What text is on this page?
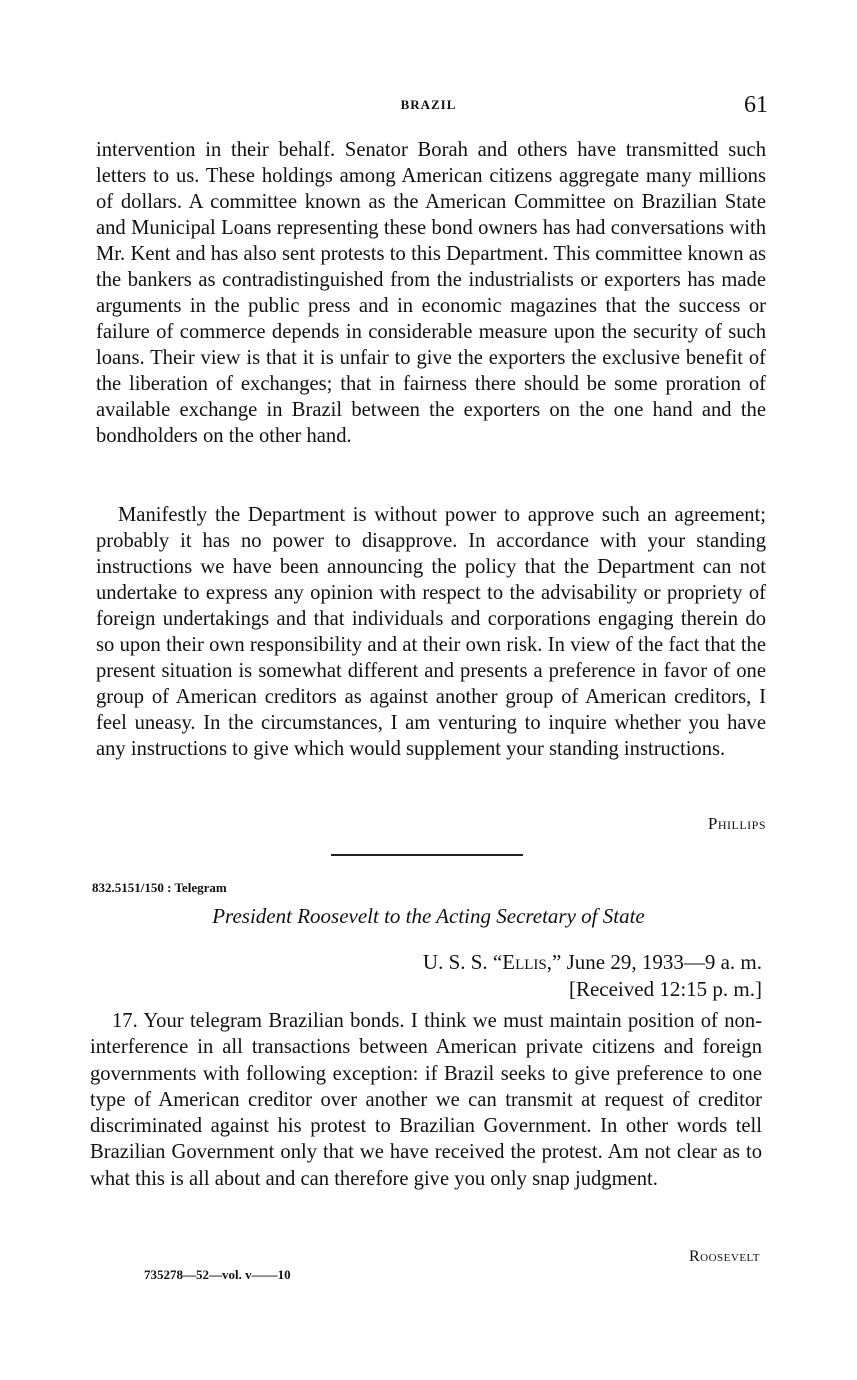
BRAZIL	61

intervention in their behalf. Senator Borah and others have transmitted such letters to us. These holdings among American citizens aggregate many millions of dollars. A committee known as the American Committee on Brazilian State and Municipal Loans representing these bond owners has had conversations with Mr. Kent and has also sent protests to this Department. This committee known as the bankers as contradistinguished from the industrialists or exporters has made arguments in the public press and in economic magazines that the success or failure of commerce depends in considerable measure upon the security of such loans. Their view is that it is unfair to give the exporters the exclusive benefit of the liberation of exchanges; that in fairness there should be some proration of available exchange in Brazil between the exporters on the one hand and the bondholders on the other hand.

Manifestly the Department is without power to approve such an agreement; probably it has no power to disapprove. In accordance with your standing instructions we have been announcing the policy that the Department can not undertake to express any opinion with respect to the advisability or propriety of foreign undertakings and that individuals and corporations engaging therein do so upon their own responsibility and at their own risk. In view of the fact that the present situation is somewhat different and presents a preference in favor of one group of American creditors as against another group of American creditors, I feel uneasy. In the circumstances, I am venturing to inquire whether you have any instructions to give which would supplement your standing instructions.

Phillips
832.5151/150 : Telegram
President Roosevelt to the Acting Secretary of State
U. S. S. “Ellis,” June 29, 1933—9 a. m.
[Received 12:15 p. m.]

17. Your telegram Brazilian bonds. I think we must maintain position of non-interference in all transactions between American private citizens and foreign governments with following exception: if Brazil seeks to give preference to one type of American creditor over another we can transmit at request of creditor discriminated against his protest to Brazilian Government. In other words tell Brazilian Government only that we have received the protest. Am not clear as to what this is all about and can therefore give you only snap judgment.

Roosevelt
735278—52—vol. v——10
